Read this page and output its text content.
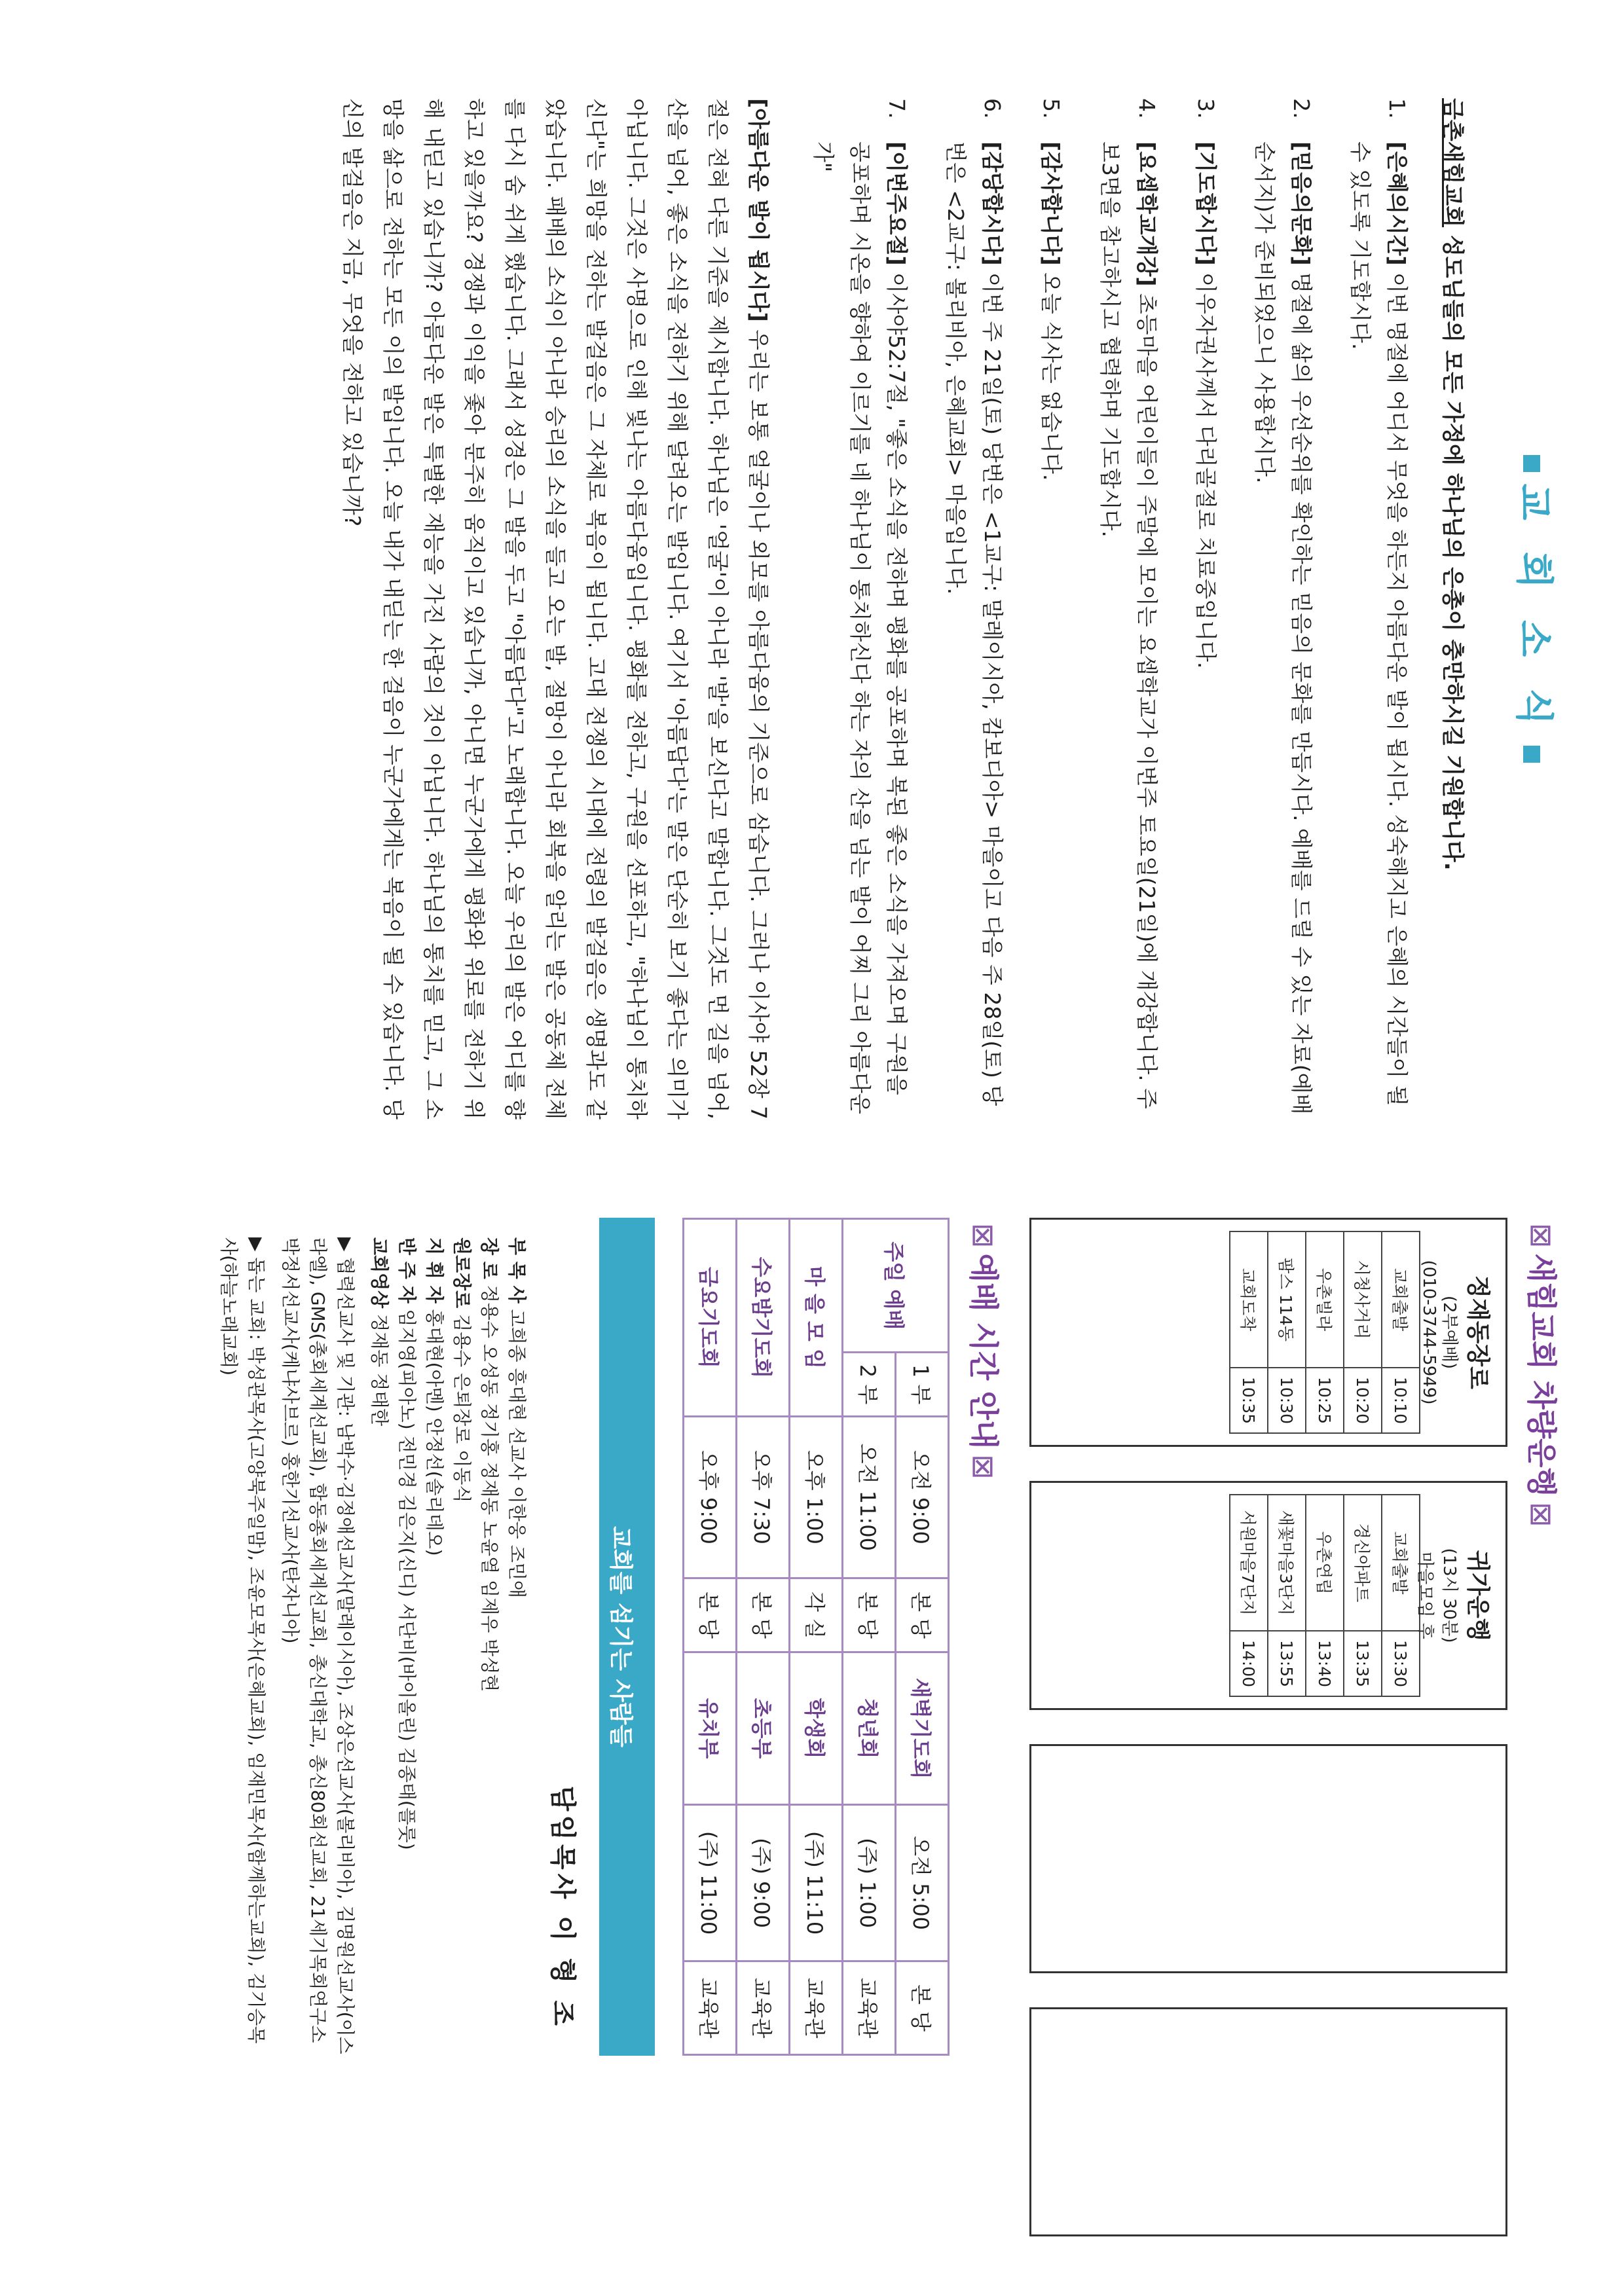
교 회 소 식

금촌새힘교회 성도님들의 모든 가정에 하나님의 은총이 충만하시길 기원합니다.

1.
[은혜의시간] 이번 명절에 어디서 무엇을 하든지 아름다운 발이 됩시다. 성숙해지고 은혜의 시간들이 될 수 있도록 기도합시다.
2.
[믿음의문화] 명절에 삶의 우선순위를 확인하는 믿음의 문화를 만듭시다. 예배를 드릴 수 있는 자료(예배순서지)가 준비되었으니 사용합시다.
3.
[기도합시다] 이우자권사께서 다리골절로 치료중입니다.
4.
[요셉학교개강] 초등마을 어린이들이 주말에 모이는 요셉학교가 이번주 토요일(21일)에 개강합니다. 주보3면을 참고하시고 협력하며 기도합시다.
5.
[감사합니다] 오늘 식사는 없습니다.
6.
[감당합시다] 이번 주 21일(토) 당번은 <1교구: 말레이시아, 캄보디아> 마을이고 다음 주 28일(토) 당번은 <2교구: 볼리비아, 은혜교회> 마을입니다.
7.
[이번주요절] 이사야52:7절, "좋은 소식을 전하며 평화를 공포하며 복된 좋은 소식을 가져오며 구원을 공포하며 시온을 향하여 이르기를 네 하나님이 통치하신다 하는 자의 산을 넘는 발이 어찌 그리 아름다운가"

[아름다운 발이 됩시다] 우리는 보통 얼굴이나 외모를 아름다움의 기준으로 삼습니다. 그러나 이사야 52장 7절은 전혀 다른 기준을 제시합니다. 하나님은 '얼굴'이 아니라 '발'을 보신다고 말합니다. 그것도 먼 길을 넘어, 산을 넘어, 좋은 소식을 전하기 위해 달려오는 발입니다. 여기서 '아름답다'는 말은 단순히 보기 좋다는 의미가 아닙니다. 그것은 사명으로 인해 빛나는 아름다움입니다. 평화를 전하고, 구원을 선포하고, "하나님이 통치하신다"는 희망을 전하는 발걸음은 그 자체로 복음이 됩니다. 고대 전쟁의 시대에 전령의 발걸음은 생명과도 같았습니다. 패배의 소식이 아니라 승리의 소식을 들고 오는 발, 절망이 아니라 회복을 알리는 발은 공동체 전체를 다시 숨 쉬게 했습니다. 그래서 성경은 그 발을 두고 "아름답다"고 노래합니다. 오늘 우리의 발은 어디를 향하고 있을까요? 경쟁과 이익을 좇아 분주히 움직이고 있습니까, 아니면 누군가에게 평화와 위로를 전하기 위해 내딛고 있습니까? 아름다운 발은 특별한 재능을 가진 사람의 것이 아닙니다. 하나님의 통치를 믿고, 그 소망을 삶으로 전하는 모든 이의 발입니다. 오늘 내가 내딛는 한 걸음이 누군가에게는 복음이 될 수 있습니다. 당신의 발걸음은 지금, 무엇을 전하고 있습니까?

⊠새힘교회 차량운행⊠
정재동장로
(2부예배)
(010-3744-5949)
교회출발	10:10
시청사거리	10:20
우촌빌라	10:25
팜스 114동	10:30
교회도착	10:35
귀가운행
(13시 30분)
마을모임 후
교회출발	13:30
경신아파트	13:35
우촌연립	13:40
새꽃마을3단지	13:55
서원마을7단지	14:00
⊠예배 시간 안내⊠
주일 예배	1 부	오전 9:00	본 당	새벽기도회	오전 5:00	본 당
	2 부	오전 11:00	본 당	청년회	(주) 1:00	교육관
마 을 모 임		오후 1:00	각 실	학생회	(주) 11:10	교육관
수요밤기도회		오후 7:30	본 당	초등부	(주) 9:00	교육관
금요기도회		오후 9:00	본 당	유치부	(주) 11:00	교육관
교회를 섬기는 사람들
담임목사 이 형 조
부 목 사 고희종 흥대현 선교사 이한웅 조민애
장 로 정용수 오성동 정기홍 정재동 노윤열 임제우 박성현
원로장로 김용수 은퇴장로 이동식
지 휘 자 홍대현(아멘) 안정선(솔리데오)
반 주 자 임지영(피아노) 전민경 김은지(신디) 서단비(바이올린) 김종태(플룻)
교회영상 정재동 정태한
▶ 협력선교사 및 기관: 남박수·김정애선교사(말레이시아), 조상은선교사(볼리비아), 김명원선교사(이스라엘), GMS(총회세계선교회), 합동총회세계선교회, 총신대학교, 총신80회선교회, 21세기목회연구소 박정서선교사(케냐사브르) 홍한기선교사(탄자니아)
▶ 돕는 교회: 박성관목사(고양북주일맘), 조윤모목사(은혜교회), 임재민목사(함께하는교회), 김기승목사(하늘노래교회)
